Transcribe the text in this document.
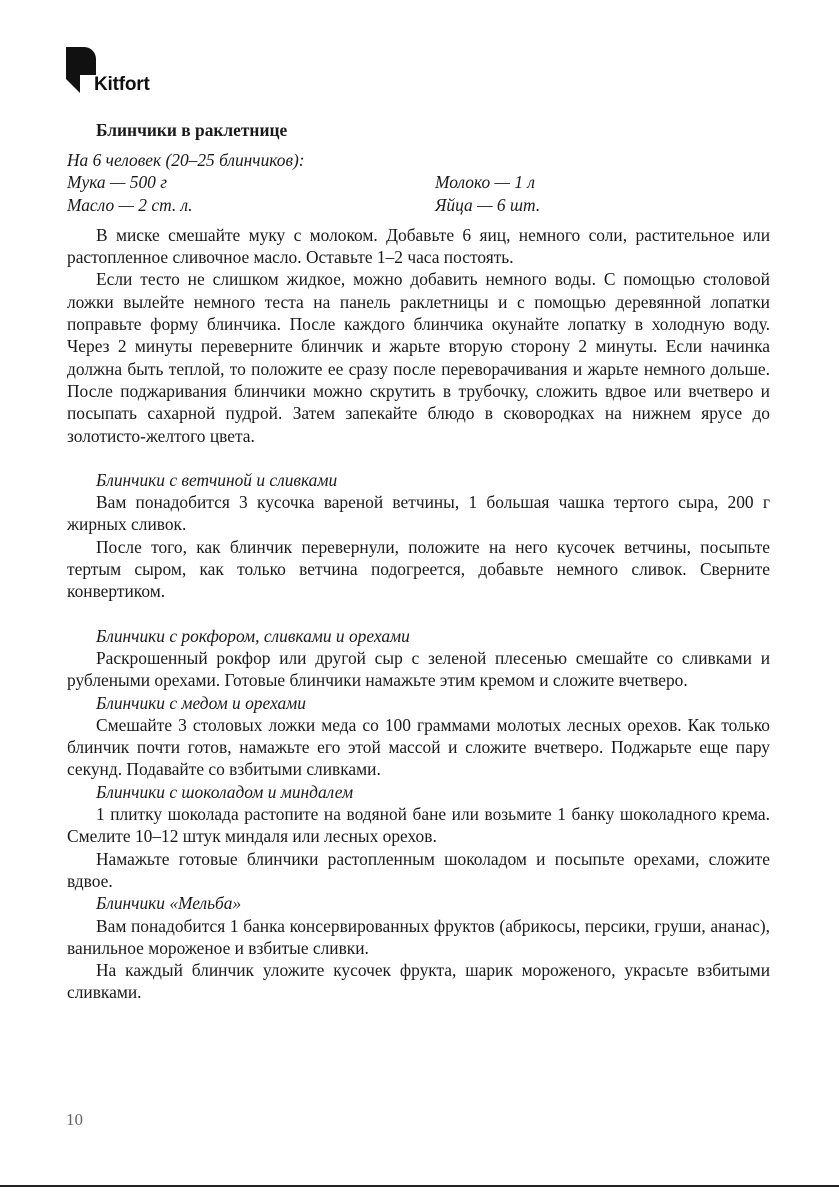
Kitfort
Блинчики в раклетнице
На 6 человек (20–25 блинчиков):
Мука — 500 г	Молоко — 1 л
Масло — 2 ст. л.	Яйца — 6 шт.

В миске смешайте муку с молоком. Добавьте 6 яиц, немного соли, растительное или растопленное сливочное масло. Оставьте 1–2 часа постоять.

Если тесто не слишком жидкое, можно добавить немного воды. С помощью столовой ложки вылейте немного теста на панель раклетницы и с помощью деревянной лопатки поправьте форму блинчика. После каждого блинчика окунайте лопатку в холодную воду. Через 2 минуты переверните блинчик и жарьте вторую сторону 2 минуты. Если начинка должна быть теплой, то положите ее сразу после переворачивания и жарьте немного дольше. После поджаривания блинчики можно скрутить в трубочку, сложить вдвое или вчетверо и посыпать сахарной пудрой. Затем запекайте блюдо в сковородках на нижнем ярусе до золотисто-желтого цвета.

Блинчики с ветчиной и сливками

Вам понадобится 3 кусочка вареной ветчины, 1 большая чашка тертого сыра, 200 г жирных сливок.

После того, как блинчик перевернули, положите на него кусочек ветчины, посыпьте тертым сыром, как только ветчина подогреется, добавьте немного сливок. Сверните конвертиком.

Блинчики с рокфором, сливками и орехами

Раскрошенный рокфор или другой сыр с зеленой плесенью смешайте со сливками и рублеными орехами. Готовые блинчики намажьте этим кремом и сложите вчетверо.

Блинчики с медом и орехами

Смешайте 3 столовых ложки меда со 100 граммами молотых лесных орехов. Как только блинчик почти готов, намажьте его этой массой и сложите вчетверо. Поджарьте еще пару секунд. Подавайте со взбитыми сливками.

Блинчики с шоколадом и миндалем

1 плитку шоколада растопите на водяной бане или возьмите 1 банку шоколадного крема. Смелите 10–12 штук миндаля или лесных орехов.

Намажьте готовые блинчики растопленным шоколадом и посыпьте орехами, сложите вдвое.

Блинчики «Мельба»

Вам понадобится 1 банка консервированных фруктов (абрикосы, персики, груши, ананас), ванильное мороженое и взбитые сливки.

На каждый блинчик уложите кусочек фрукта, шарик мороженого, украсьте взбитыми сливками.

10
